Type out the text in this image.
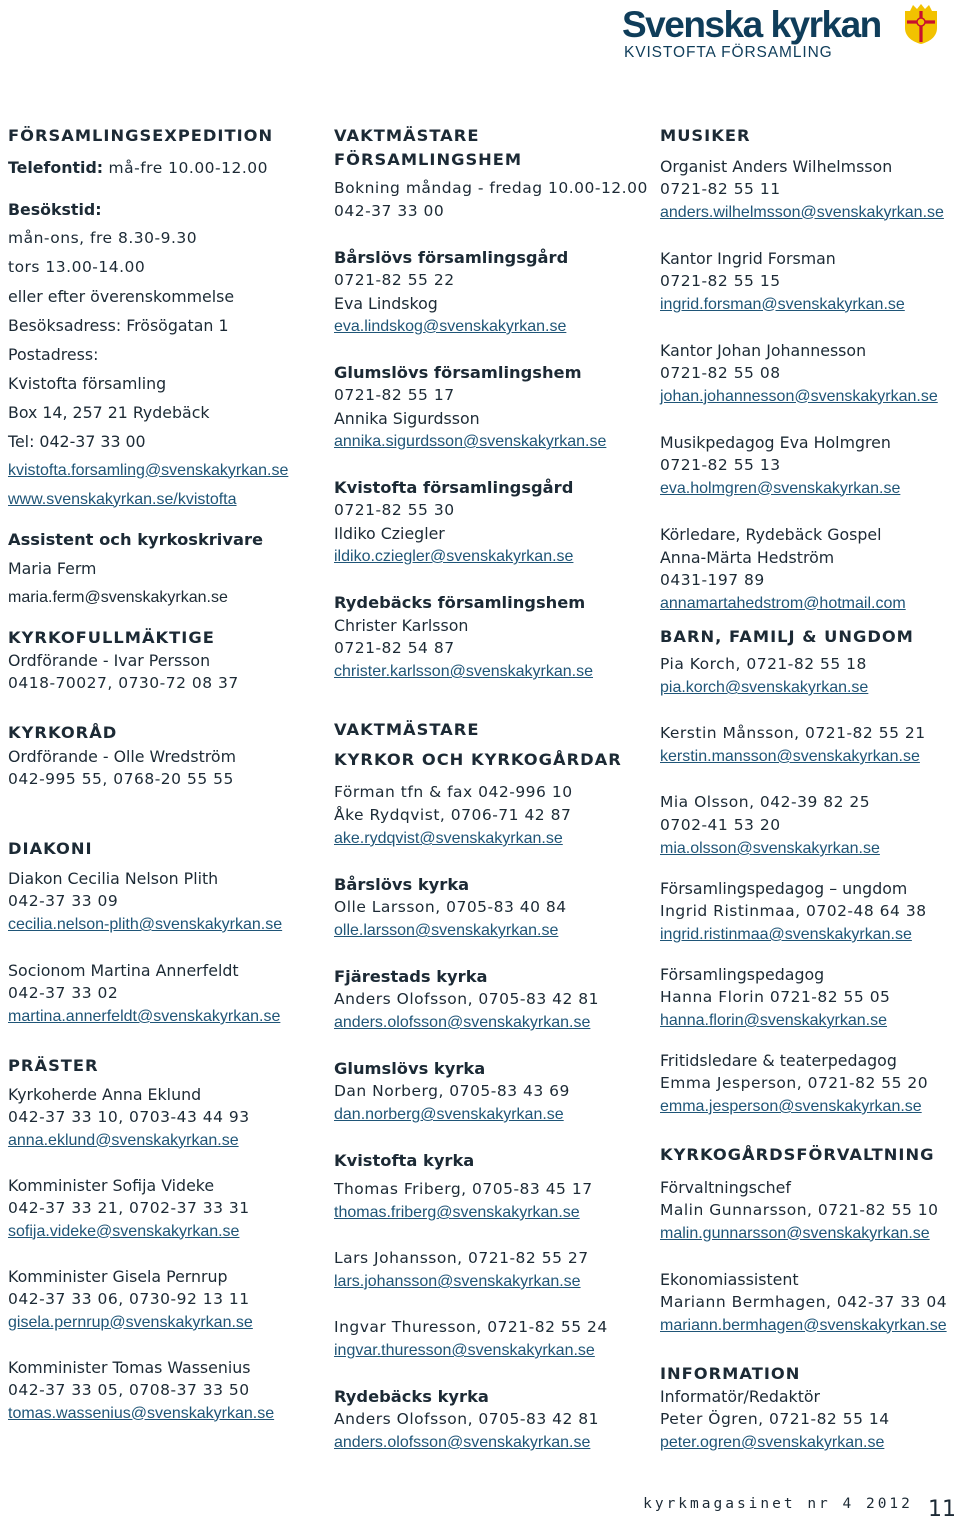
Svenska kyrkan
KVISTOFTA FÖRSAMLING
FÖRSAMLINGSEXPEDITION
Telefontid: må-fre 10.00-12.00
Besökstid:
mån-ons, fre 8.30-9.30
tors 13.00-14.00
eller efter överenskommelse
Besöksadress: Frösögatan 1
Postadress:
Kvistofta församling
Box 14, 257 21 Rydebäck
Tel: 042-37 33 00
kvistofta.forsamling@svenskakyrkan.se
www.svenskakyrkan.se/kvistofta
Assistent och kyrkoskrivare
Maria Ferm
maria.ferm@svenskakyrkan.se
KYRKOFULLMÄKTIGE
Ordförande - Ivar Persson
0418-70027, 0730-72 08 37
KYRKORÅD
Ordförande - Olle Wredström
042-995 55, 0768-20 55 55
DIAKONI
Diakon Cecilia Nelson Plith
042-37 33 09
cecilia.nelson-plith@svenskakyrkan.se
Socionom Martina Annerfeldt
042-37 33 02
martina.annerfeldt@svenskakyrkan.se
PRÄSTER
Kyrkoherde Anna Eklund
042-37 33 10, 0703-43 44 93
anna.eklund@svenskakyrkan.se
Komminister Sofija Videke
042-37 33 21, 0702-37 33 31
sofija.videke@svenskakyrkan.se
Komminister Gisela Pernrup
042-37 33 06, 0730-92 13 11
gisela.pernrup@svenskakyrkan.se
Komminister Tomas Wassenius
042-37 33 05, 0708-37 33 50
tomas.wassenius@svenskakyrkan.se
VAKTMÄSTARE
FÖRSAMLINGSHEM
Bokning måndag - fredag 10.00-12.00
042-37 33 00
Bårslövs församlingsgård
0721-82 55 22
Eva Lindskog
eva.lindskog@svenskakyrkan.se
Glumslövs församlingshem
0721-82 55 17
Annika Sigurdsson
annika.sigurdsson@svenskakyrkan.se
Kvistofta församlingsgård
0721-82 55 30
Ildiko Cziegler
ildiko.cziegler@svenskakyrkan.se
Rydebäcks församlingshem
Christer Karlsson
0721-82 54 87
christer.karlsson@svenskakyrkan.se
VAKTMÄSTARE
KYRKOR OCH KYRKOGÅRDAR
Förman tfn & fax 042-996 10
Åke Rydqvist, 0706-71 42 87
ake.rydqvist@svenskakyrkan.se
Bårslövs kyrka
Olle Larsson, 0705-83 40 84
olle.larsson@svenskakyrkan.se
Fjärestads kyrka
Anders Olofsson, 0705-83 42 81
anders.olofsson@svenskakyrkan.se
Glumslövs kyrka
Dan Norberg, 0705-83 43 69
dan.norberg@svenskakyrkan.se
Kvistofta kyrka
Thomas Friberg, 0705-83 45 17
thomas.friberg@svenskakyrkan.se
Lars Johansson, 0721-82 55 27
lars.johansson@svenskakyrkan.se
Ingvar Thuresson, 0721-82 55 24
ingvar.thuresson@svenskakyrkan.se
Rydebäcks kyrka
Anders Olofsson, 0705-83 42 81
anders.olofsson@svenskakyrkan.se
MUSIKER
Organist Anders Wilhelmsson
0721-82 55 11
anders.wilhelmsson@svenskakyrkan.se
Kantor Ingrid Forsman
0721-82 55 15
ingrid.forsman@svenskakyrkan.se
Kantor Johan Johannesson
0721-82 55 08
johan.johannesson@svenskakyrkan.se
Musikpedagog Eva Holmgren
0721-82 55 13
eva.holmgren@svenskakyrkan.se
Körledare, Rydebäck Gospel
Anna-Märta Hedström
0431-197 89
annamartahedstrom@hotmail.com
BARN, FAMILJ & UNGDOM
Pia Korch, 0721-82 55 18
pia.korch@svenskakyrkan.se
Kerstin Månsson, 0721-82 55 21
kerstin.mansson@svenskakyrkan.se
Mia Olsson, 042-39 82 25
0702-41 53 20
mia.olsson@svenskakyrkan.se
Församlingspedagog – ungdom
Ingrid Ristinmaa, 0702-48 64 38
ingrid.ristinmaa@svenskakyrkan.se
Församlingspedagog
Hanna Florin 0721-82 55 05
hanna.florin@svenskakyrkan.se
Fritidsledare & teaterpedagog
Emma Jesperson, 0721-82 55 20
emma.jesperson@svenskakyrkan.se
KYRKOGÅRDSFÖRVALTNING
Förvaltningschef
Malin Gunnarsson, 0721-82 55 10
malin.gunnarsson@svenskakyrkan.se
Ekonomiassistent
Mariann Bermhagen, 042-37 33 04
mariann.bermhagen@svenskakyrkan.se
INFORMATION
Informatör/Redaktör
Peter Ögren, 0721-82 55 14
peter.ogren@svenskakyrkan.se
kyrkmagasinet nr 4 2012 11
